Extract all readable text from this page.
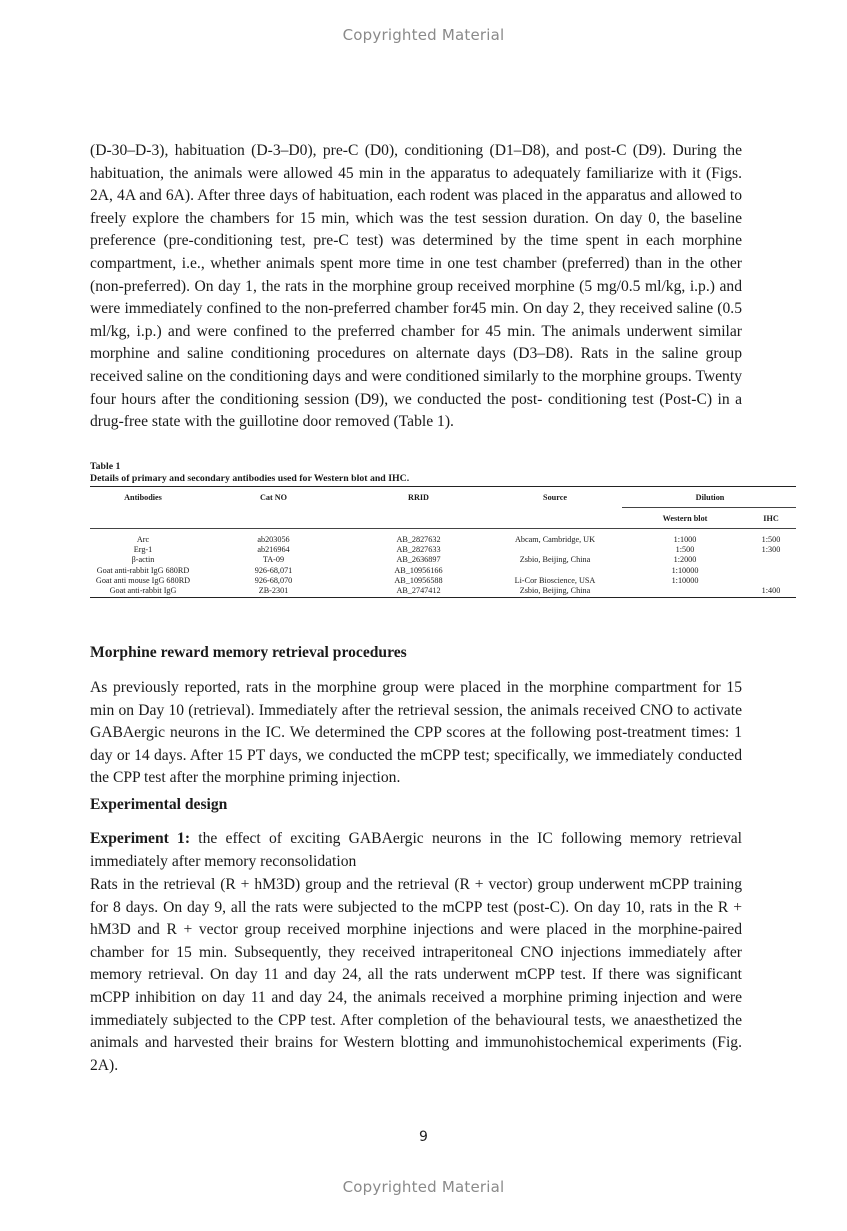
Copyrighted Material

(D-30–D-3), habituation (D-3–D0), pre-C (D0), conditioning (D1–D8), and post-C (D9). During the habituation, the animals were allowed 45 min in the apparatus to adequately familiarize with it (Figs. 2A, 4A and 6A). After three days of habituation, each rodent was placed in the apparatus and allowed to freely explore the chambers for 15 min, which was the test session duration. On day 0, the baseline preference (pre-conditioning test, pre-C test) was determined by the time spent in each morphine compartment, i.e., whether animals spent more time in one test chamber (preferred) than in the other (non-preferred). On day 1, the rats in the morphine group received morphine (5 mg/0.5 ml/kg, i.p.) and were immediately confined to the non-preferred chamber for45 min. On day 2, they received saline (0.5 ml/kg, i.p.) and were confined to the preferred chamber for 45 min. The animals underwent similar morphine and saline conditioning procedures on alternate days (D3–D8). Rats in the saline group received saline on the conditioning days and were conditioned similarly to the morphine groups. Twenty four hours after the conditioning session (D9), we conducted the post- conditioning test (Post-C) in a drug-free state with the guillotine door removed (Table 1).

Table 1
Details of primary and secondary antibodies used for Western blot and IHC.
Antibodies	Cat NO	RRID	Source	Dilution
				Western blot	IHC
Arc	ab203056	AB_2827632	Abcam, Cambridge, UK	1:1000	1:500
Erg-1	ab216964	AB_2827633		1:500	1:300
β-actin	TA-09	AB_2636897	Zsbio, Beijing, China	1:2000	
Goat anti-rabbit IgG 680RD	926-68,071	AB_10956166		1:10000	
Goat anti mouse IgG 680RD	926-68,070	AB_10956588	Li-Cor Bioscience, USA	1:10000	
Goat anti-rabbit IgG	ZB-2301	AB_2747412	Zsbio, Beijing, China		1:400
Morphine reward memory retrieval procedures

As previously reported, rats in the morphine group were placed in the morphine compartment for 15 min on Day 10 (retrieval). Immediately after the retrieval session, the animals received CNO to activate GABAergic neurons in the IC. We determined the CPP scores at the following post-treatment times: 1 day or 14 days. After 15 PT days, we conducted the mCPP test; specifically, we immediately conducted the CPP test after the morphine priming injection.

Experimental design

Experiment 1: the effect of exciting GABAergic neurons in the IC following memory retrieval immediately after memory reconsolidation

Rats in the retrieval (R + hM3D) group and the retrieval (R + vector) group underwent mCPP training for 8 days. On day 9, all the rats were subjected to the mCPP test (post-C). On day 10, rats in the R + hM3D and R + vector group received morphine injections and were placed in the morphine-paired chamber for 15 min. Subsequently, they received intraperitoneal CNO injections immediately after memory retrieval. On day 11 and day 24, all the rats underwent mCPP test. If there was significant mCPP inhibition on day 11 and day 24, the animals received a morphine priming injection and were immediately subjected to the CPP test. After completion of the behavioural tests, we anaesthetized the animals and harvested their brains for Western blotting and immunohistochemical experiments (Fig. 2A).

9
Copyrighted Material
